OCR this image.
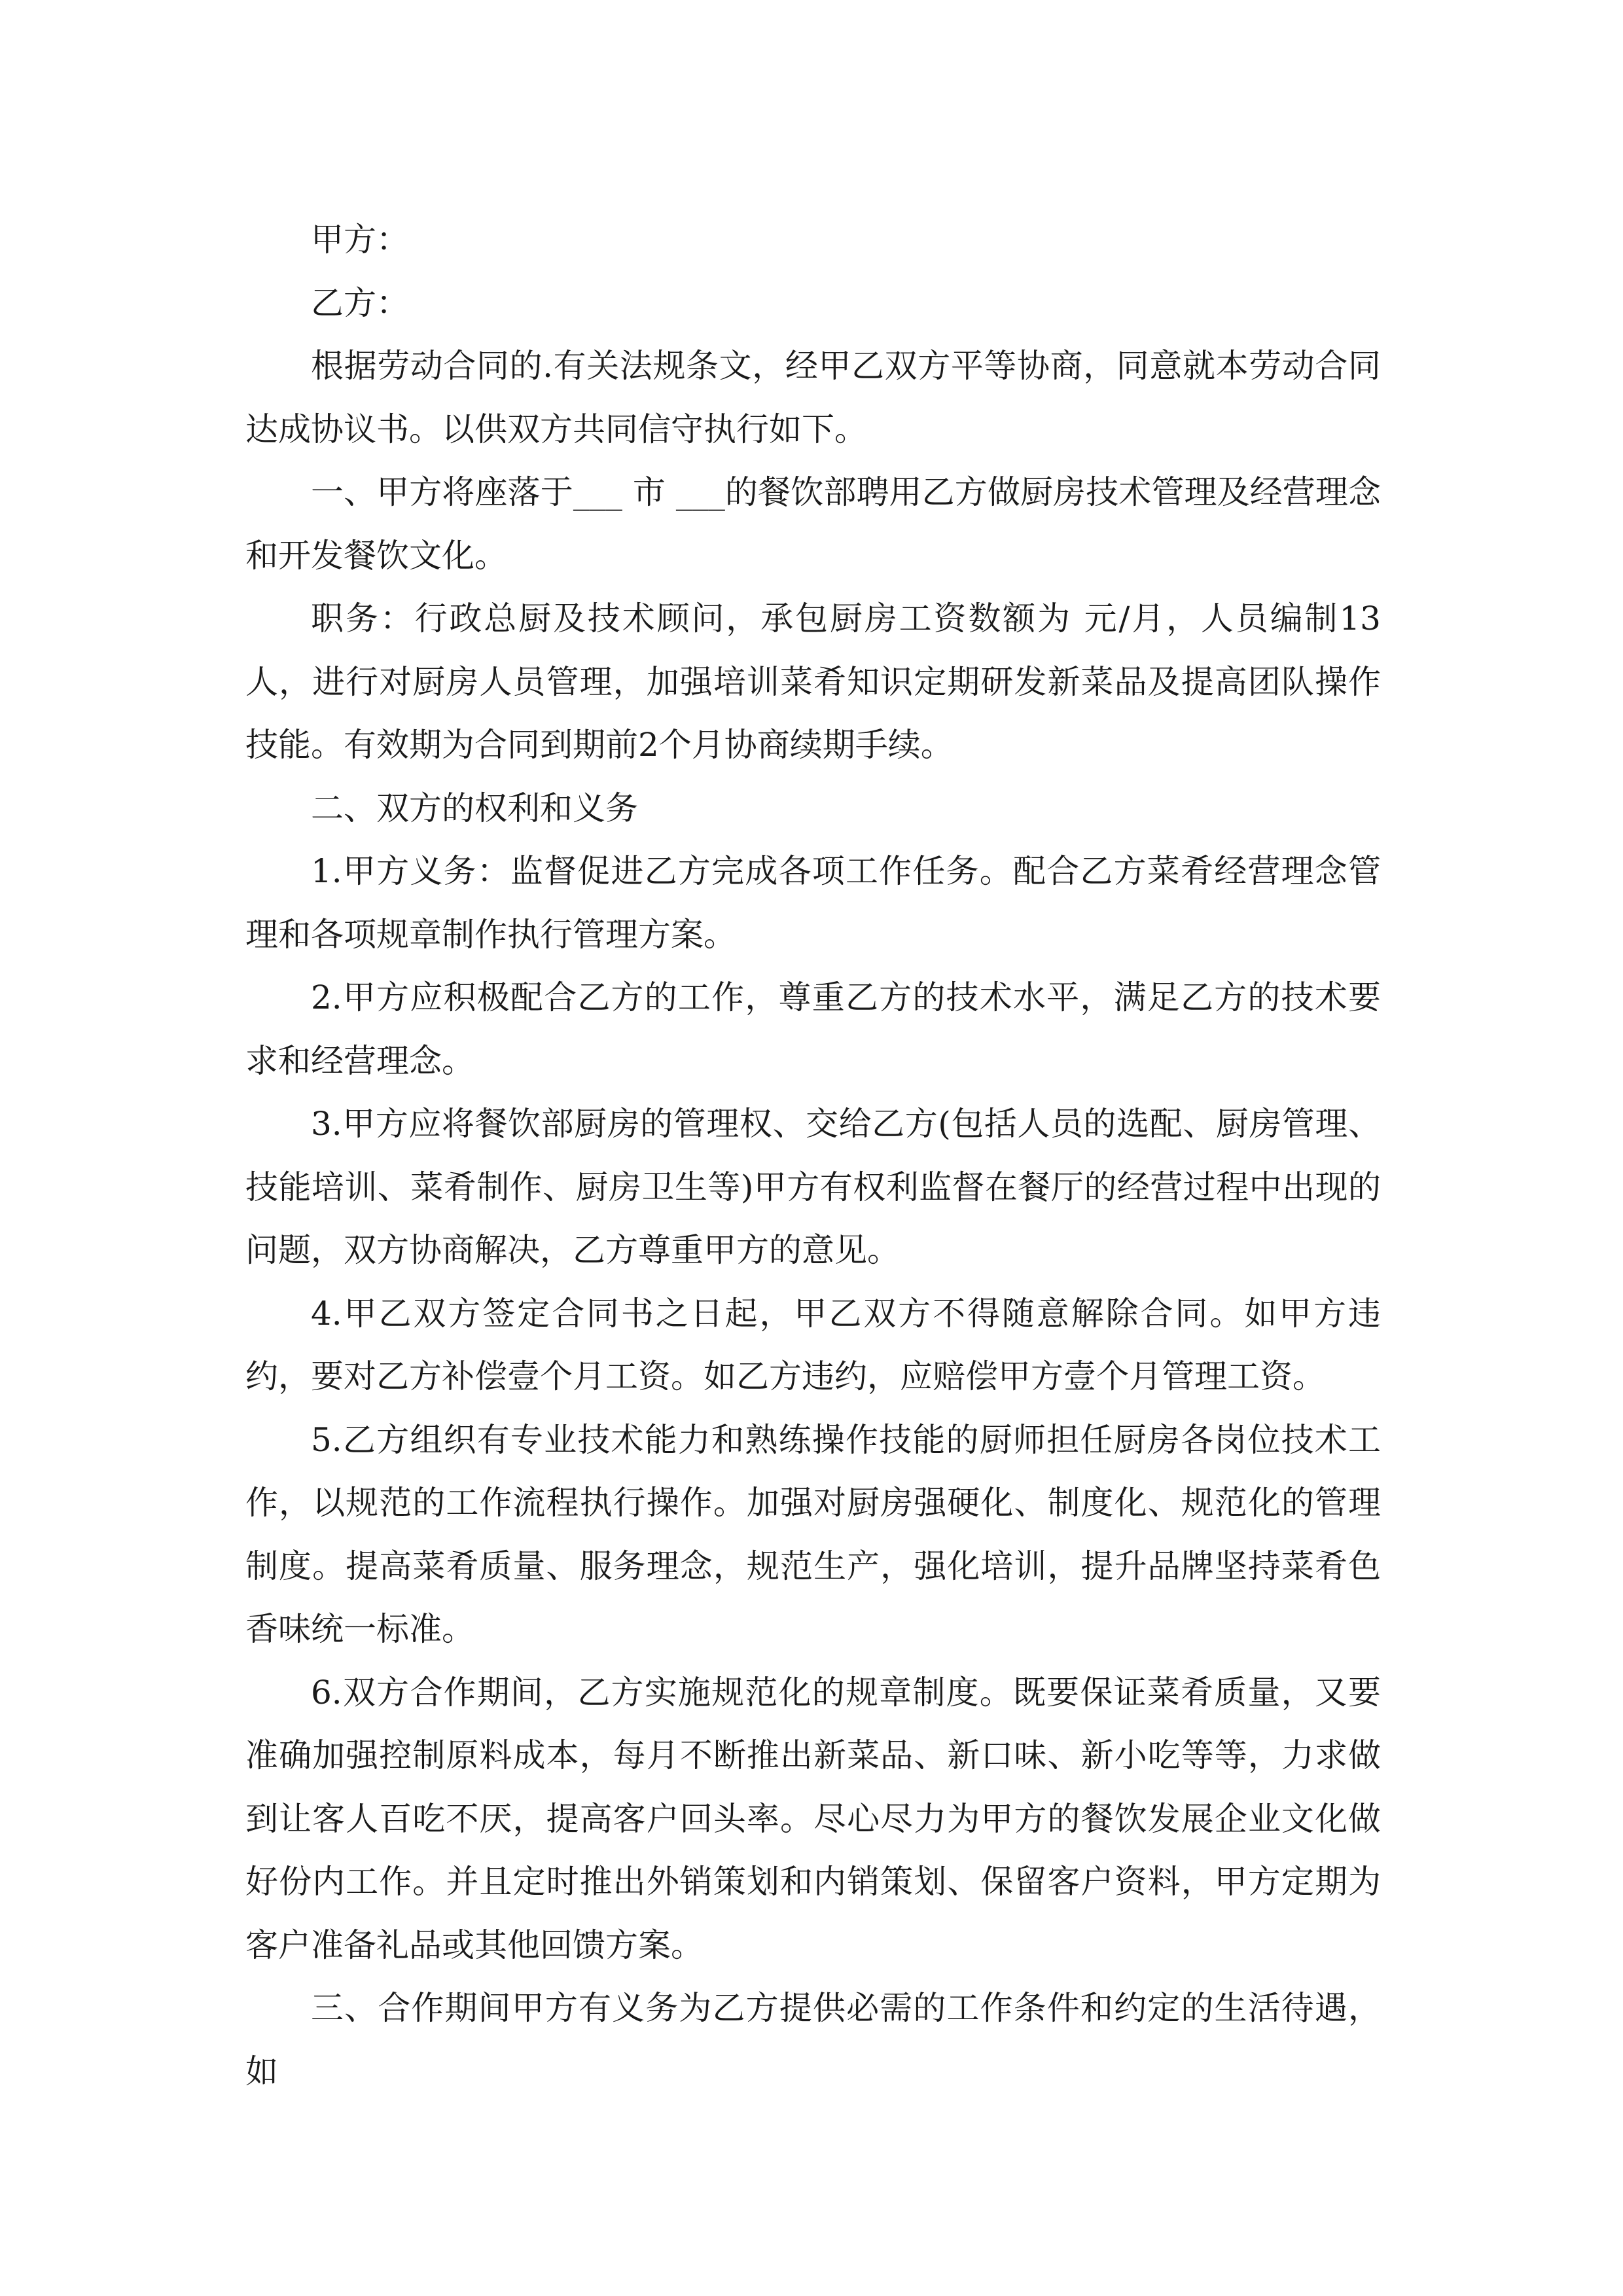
甲方：

乙方：

根据劳动合同的.有关法规条文，经甲乙双方平等协商，同意就本劳动合同达成协议书。以供双方共同信守执行如下。

一、甲方将座落于___ 市 ___的餐饮部聘用乙方做厨房技术管理及经营理念和开发餐饮文化。

职务：行政总厨及技术顾问，承包厨房工资数额为 元/月，人员编制13人，进行对厨房人员管理，加强培训菜肴知识定期研发新菜品及提高团队操作技能。有效期为合同到期前2个月协商续期手续。

二、双方的权利和义务

1.甲方义务：监督促进乙方完成各项工作任务。配合乙方菜肴经营理念管理和各项规章制作执行管理方案。

2.甲方应积极配合乙方的工作，尊重乙方的技术水平，满足乙方的技术要求和经营理念。

3.甲方应将餐饮部厨房的管理权、交给乙方(包括人员的选配、厨房管理、技能培训、菜肴制作、厨房卫生等)甲方有权利监督在餐厅的经营过程中出现的问题，双方协商解决，乙方尊重甲方的意见。

4.甲乙双方签定合同书之日起，甲乙双方不得随意解除合同。如甲方违约，要对乙方补偿壹个月工资。如乙方违约，应赔偿甲方壹个月管理工资。

5.乙方组织有专业技术能力和熟练操作技能的厨师担任厨房各岗位技术工作，以规范的工作流程执行操作。加强对厨房强硬化、制度化、规范化的管理制度。提高菜肴质量、服务理念，规范生产，强化培训，提升品牌坚持菜肴色香味统一标准。

6.双方合作期间，乙方实施规范化的规章制度。既要保证菜肴质量，又要准确加强控制原料成本，每月不断推出新菜品、新口味、新小吃等等，力求做到让客人百吃不厌，提高客户回头率。尽心尽力为甲方的餐饮发展企业文化做好份内工作。并且定时推出外销策划和内销策划、保留客户资料，甲方定期为客户准备礼品或其他回馈方案。

三、合作期间甲方有义务为乙方提供必需的工作条件和约定的生活待遇，如
